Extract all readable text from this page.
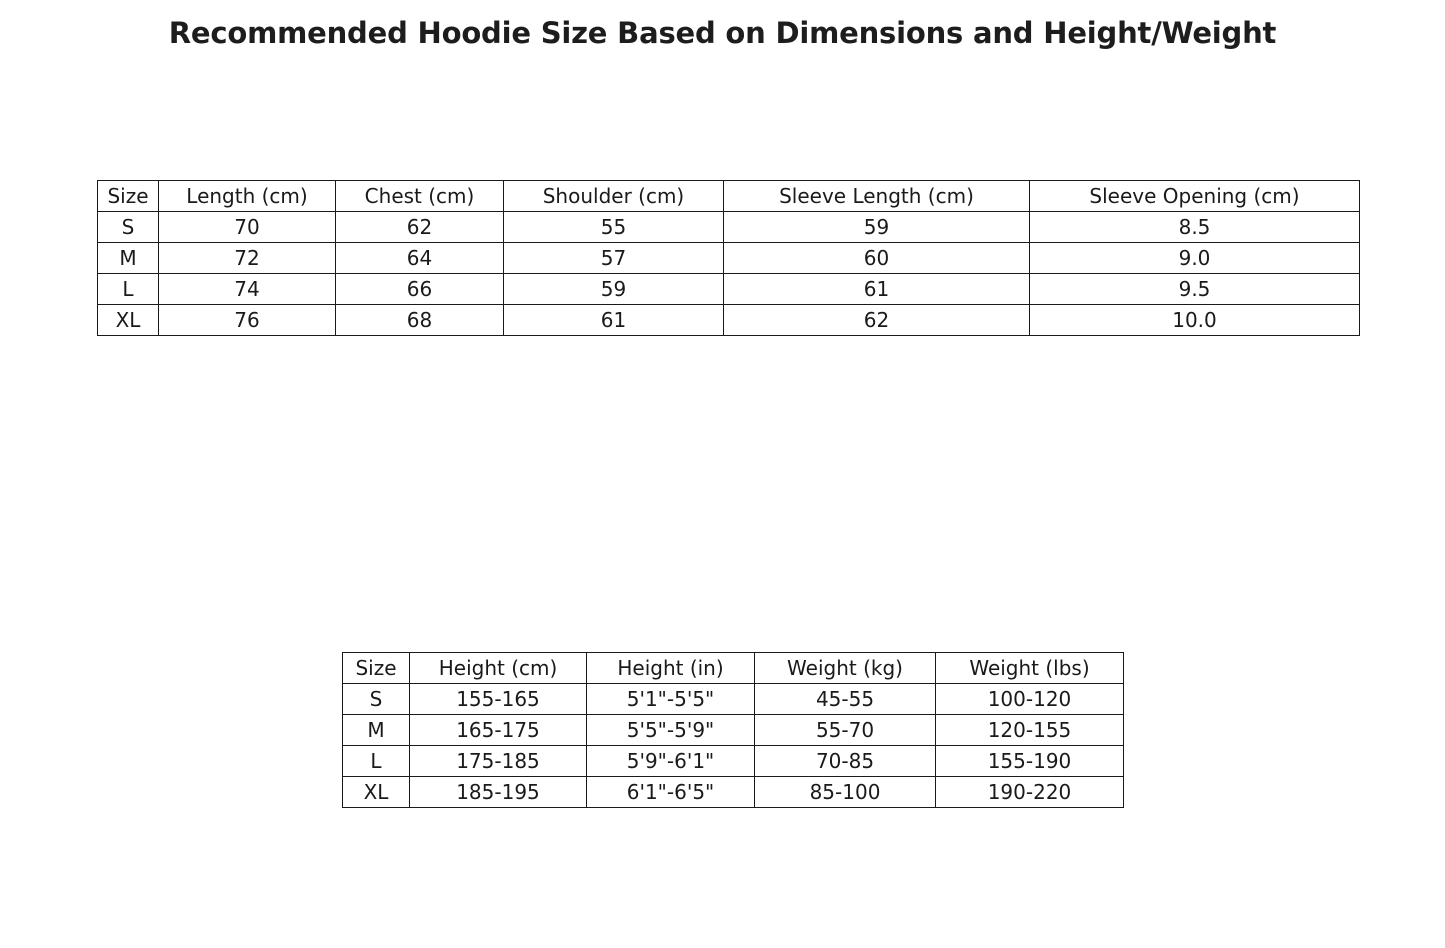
Recommended Hoodie Size Based on Dimensions and Height/Weight
Size	Length (cm)	Chest (cm)	Shoulder (cm)	Sleeve Length (cm)	Sleeve Opening (cm)
S	70	62	55	59	8.5
M	72	64	57	60	9.0
L	74	66	59	61	9.5
XL	76	68	61	62	10.0
Size	Height (cm)	Height (in)	Weight (kg)	Weight (lbs)
S	155-165	5'1"-5'5"	45-55	100-120
M	165-175	5'5"-5'9"	55-70	120-155
L	175-185	5'9"-6'1"	70-85	155-190
XL	185-195	6'1"-6'5"	85-100	190-220
